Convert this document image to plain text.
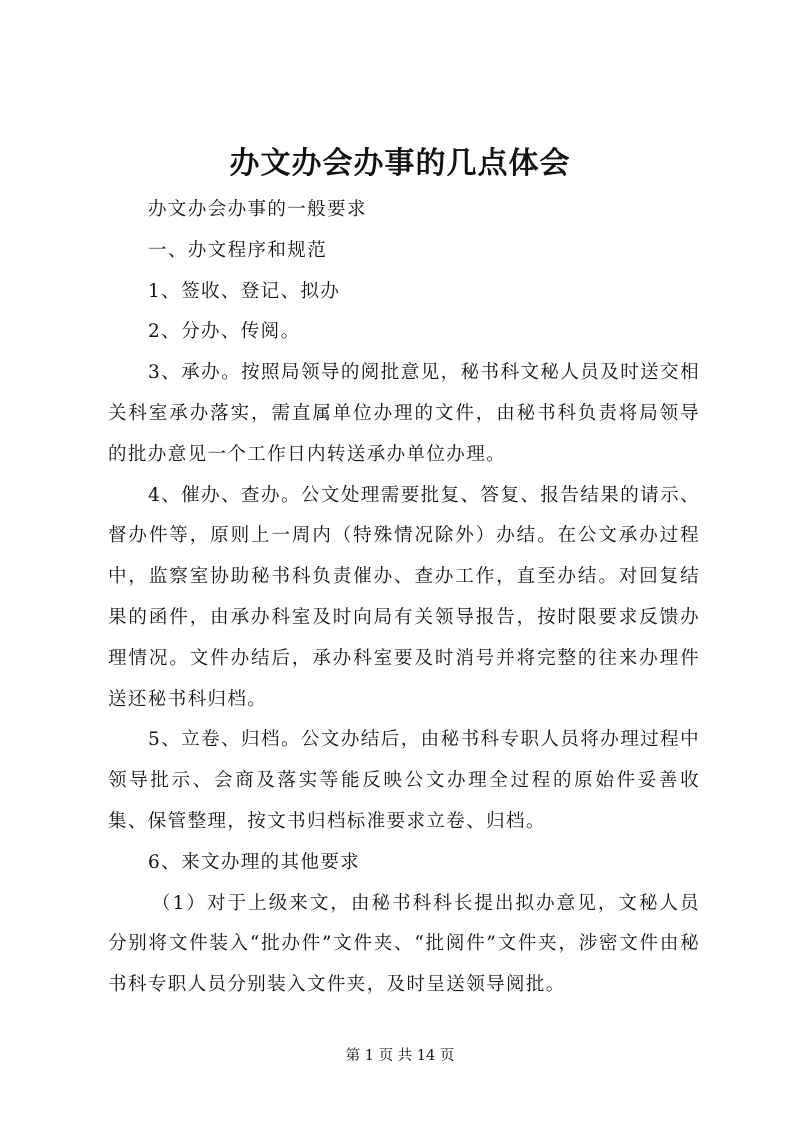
办文办会办事的几点体会

办文办会办事的一般要求

一、办文程序和规范

1、签收、登记、拟办

2、分办、传阅。

3、承办。按照局领导的阅批意见，秘书科文秘人员及时送交相关科室承办落实，需直属单位办理的文件，由秘书科负责将局领导的批办意见一个工作日内转送承办单位办理。

4、催办、查办。公文处理需要批复、答复、报告结果的请示、督办件等，原则上一周内（特殊情况除外）办结。在公文承办过程中，监察室协助秘书科负责催办、查办工作，直至办结。对回复结果的函件，由承办科室及时向局有关领导报告，按时限要求反馈办理情况。文件办结后，承办科室要及时消号并将完整的往来办理件送还秘书科归档。

5、立卷、归档。公文办结后，由秘书科专职人员将办理过程中领导批示、会商及落实等能反映公文办理全过程的原始件妥善收集、保管整理，按文书归档标准要求立卷、归档。

6、来文办理的其他要求

（1）对于上级来文，由秘书科科长提出拟办意见，文秘人员分别将文件装入“批办件”文件夹、“批阅件”文件夹，涉密文件由秘书科专职人员分别装入文件夹，及时呈送领导阅批。

第 1 页 共 14 页
